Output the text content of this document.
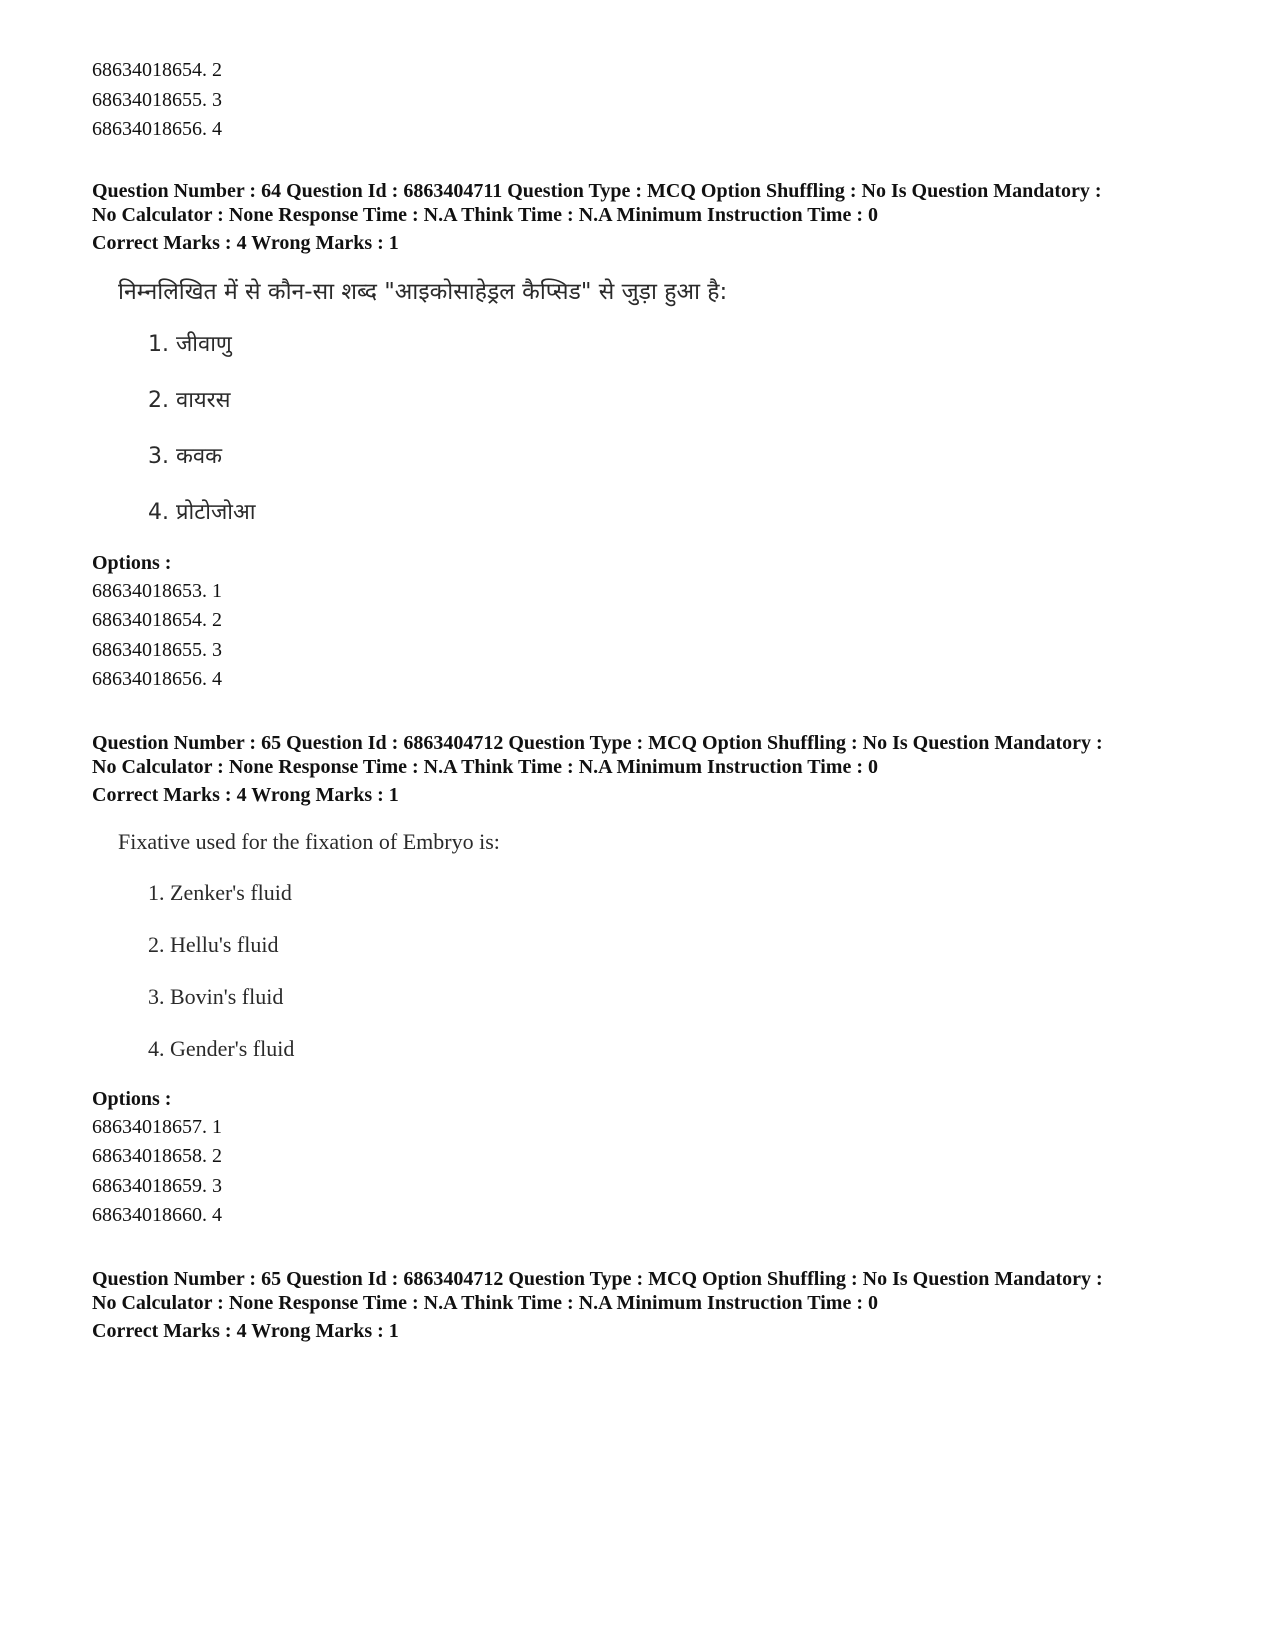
68634018654. 2

68634018655. 3

68634018656. 4

Question Number : 64 Question Id : 6863404711 Question Type : MCQ Option Shuffling : No Is Question Mandatory :

No Calculator : None Response Time : N.A Think Time : N.A Minimum Instruction Time : 0

Correct Marks : 4 Wrong Marks : 1

निम्नलिखित में से कौन-सा शब्द "आइकोसाहेड्रल कैप्सिड" से जुड़ा हुआ है:

1. जीवाणु

2. वायरस

3. कवक

4. प्रोटोजोआ

Options :

68634018653. 1

68634018654. 2

68634018655. 3

68634018656. 4

Question Number : 65 Question Id : 6863404712 Question Type : MCQ Option Shuffling : No Is Question Mandatory :

No Calculator : None Response Time : N.A Think Time : N.A Minimum Instruction Time : 0

Correct Marks : 4 Wrong Marks : 1

Fixative used for the fixation of Embryo is:

1. Zenker's fluid

2. Hellu's fluid

3. Bovin's fluid

4. Gender's fluid

Options :

68634018657. 1

68634018658. 2

68634018659. 3

68634018660. 4

Question Number : 65 Question Id : 6863404712 Question Type : MCQ Option Shuffling : No Is Question Mandatory :

No Calculator : None Response Time : N.A Think Time : N.A Minimum Instruction Time : 0

Correct Marks : 4 Wrong Marks : 1
